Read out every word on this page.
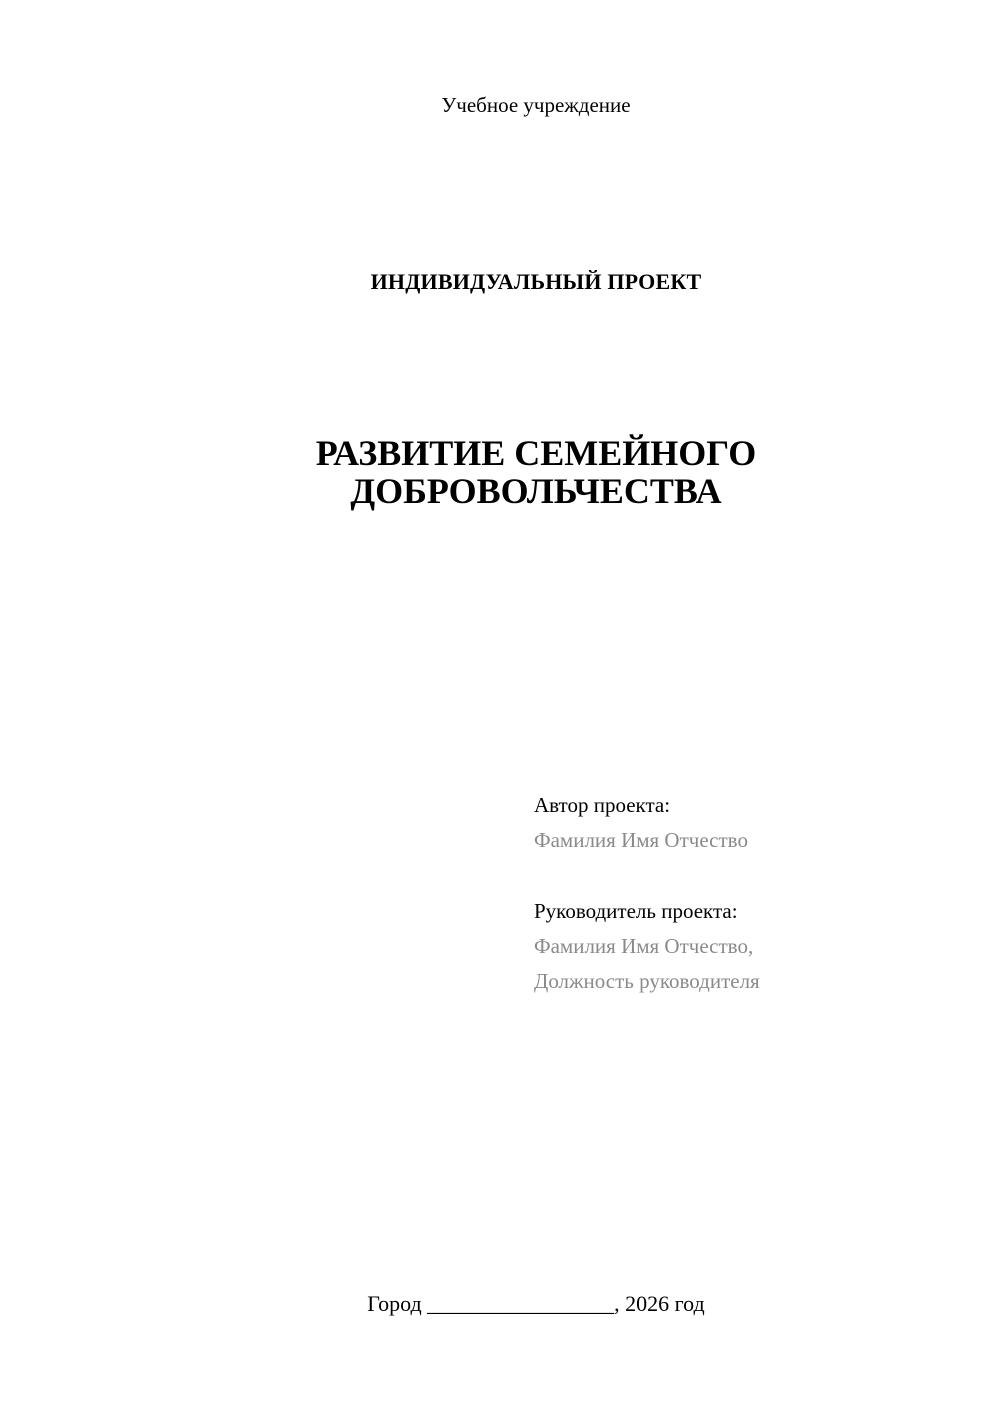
Учебное учреждение
ИНДИВИДУАЛЬНЫЙ ПРОЕКТ
РАЗВИТИЕ СЕМЕЙНОГО
ДОБРОВОЛЬЧЕСТВА
Автор проекта:
Фамилия Имя Отчество
Руководитель проекта:
Фамилия Имя Отчество,
Должность руководителя
Город _________________, 2026 год
